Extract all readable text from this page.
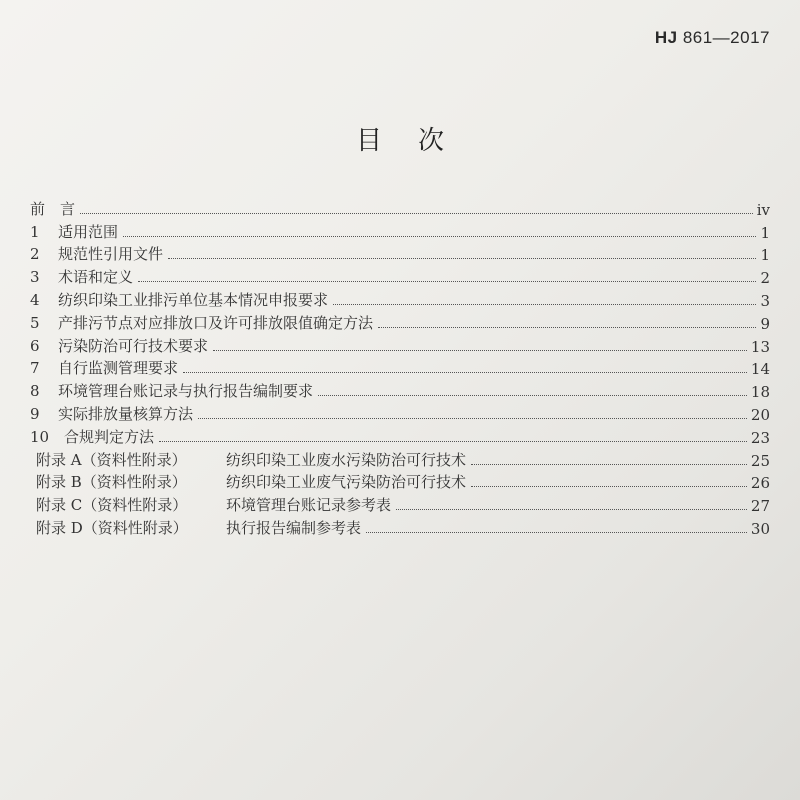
HJ 861—2017
目次
前　言	iv
1 适用范围	1
2 规范性引用文件	1
3 术语和定义	2
4 纺织印染工业排污单位基本情况申报要求	3
5 产排污节点对应排放口及许可排放限值确定方法	9
6 污染防治可行技术要求	13
7 自行监测管理要求	14
8 环境管理台账记录与执行报告编制要求	18
9 实际排放量核算方法	20
10 合规判定方法	23
附录 A（资料性附录）	纺织印染工业废水污染防治可行技术	25
附录 B（资料性附录）	纺织印染工业废气污染防治可行技术	26
附录 C（资料性附录）	环境管理台账记录参考表	27
附录 D（资料性附录）	执行报告编制参考表	30
